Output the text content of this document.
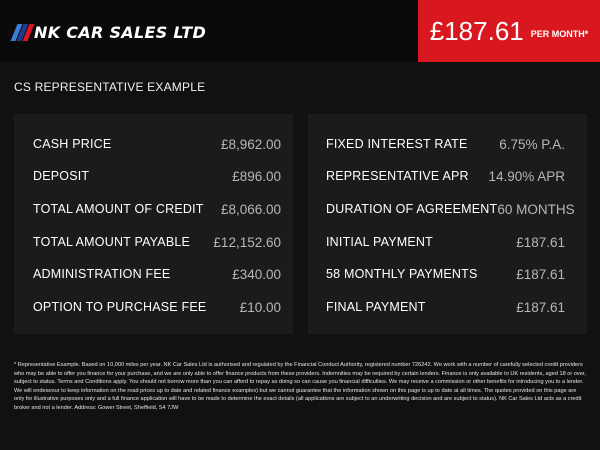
NK CAR SALES LTD	£187.61 PER MONTH*
CS REPRESENTATIVE EXAMPLE
CASH PRICE	£8,962.00
DEPOSIT	£896.00
TOTAL AMOUNT OF CREDIT £8,066.00
TOTAL AMOUNT PAYABLE £12,152.60
ADMINISTRATION FEE	£340.00
OPTION TO PURCHASE FEE £10.00
FIXED INTEREST RATE 6.75% P.A.
REPRESENTATIVE APR 14.90% APR
DURATION OF AGREEMENT 60 MONTHS
INITIAL PAYMENT	£187.61
58 MONTHLY PAYMENTS	£187.61
FINAL PAYMENT	£187.61
* Representative Example. Based on 10,000 miles per year. NK Car Sales Ltd is authorised and regulated by the Financial Conduct Authority, registered number 726242. We work with a number of carefully selected credit providers who may be able to offer you finance for your purchase, and we are only able to offer finance products from these providers. Indemnities may be required by certain lenders. Finance is only available to UK residents, aged 18 or over, subject to status. Terms and Conditions apply. You should not borrow more than you can afford to repay as doing so can cause you financial difficulties. We may receive a commission or other benefits for introducing you to a lender. We will endeavour to keep information on the road prices up to date and related finance examples) but we cannot guarantee that the information shown on this page is up to date at all times. The quotes provided on this page are only for illustrative purposes only and a full finance application will have to be made to determine the exact details (all applications are subject to an underwriting decision and are subject to status). NK Car Sales Ltd acts as a credit broker and not a lender. Address: Gower Street, Sheffield, S4 7JW
